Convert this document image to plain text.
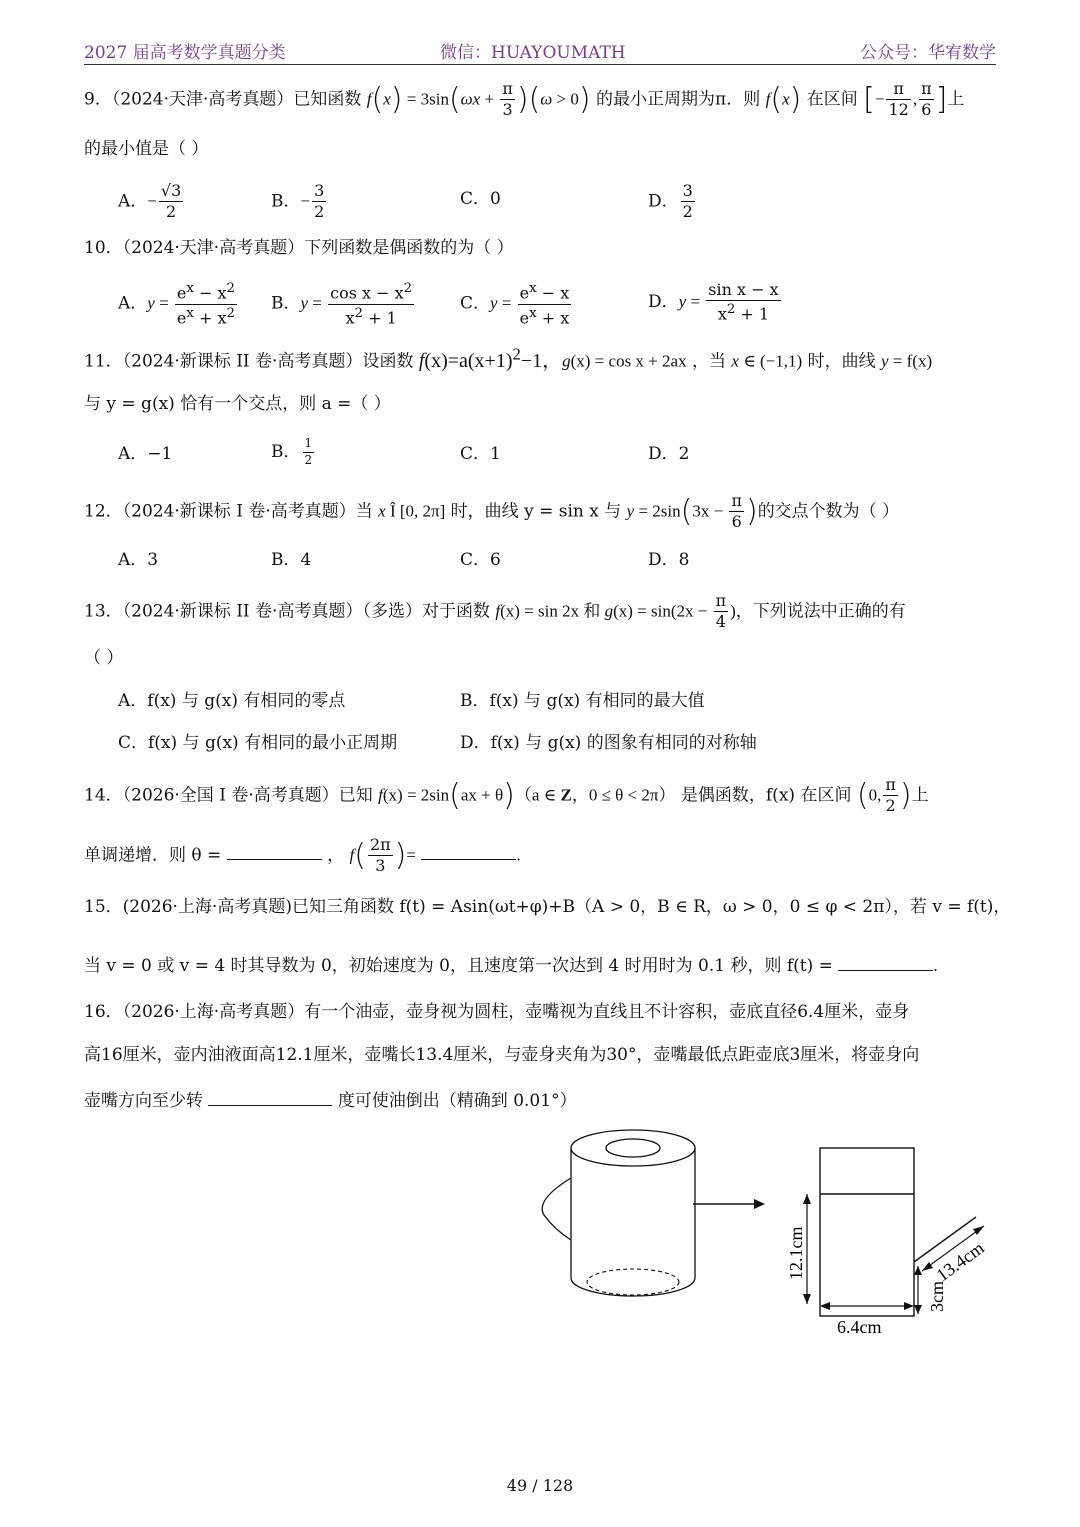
2027 届高考数学真题分类	微信：HUAYOUMATH	公众号：华宥数学
9．（2024·天津·高考真题）已知函数 $f(x) = 3\sin(\omega x + \frac{\pi}{3} )(\omega > 0)$ 的最小正周期为π．则 f(x) 在区间 [− $\frac{\pi}{12}$ , $\frac{\pi}{6}$ ]上
的最小值是（ ）
A．− $\frac{√3}{2}$	B．− $\frac{3}{2}$	C．0	D． $\frac{3}{2}$
10．（2024·天津·高考真题）下列函数是偶函数的为（ ）
A．$y = \frac{e^x - x^2}{e^x + x^2}$ B．$y = \frac{\cos x - x^2}{x^2 + 1}$	C．$y = \frac{e^x - x}{e^x + x}$	D．$y = \frac{\text{sin x − x}}{x^2 + 1}$
11．（2024·新课标 II 卷·高考真题）设函数 $f(x)=a(x+1)^2-1$，g(x) = cos x + 2ax ，当 x ∈ (−1,1) 时，曲线 y = f(x)
与 y = g(x) 恰有一个交点，则 a =（ ）
A．−1	B． $\frac{1}{2}$	C．1	D．2
12．（2024·新课标 I 卷·高考真题）当 x Î [0, 2π] 时，曲线 y = sin x 与 $y = 2\sin(3x - \frac{\pi}{6}$ )的交点个数为（ ）
A．3	B．4	C．6	D．8
13．（2024·新课标 II 卷·高考真题）（多选）对于函数 f(x) = sin 2x 和 $g(x) = \sin(2x - \frac{\pi}{4}$ )，下列说法中正确的有
（ ）
A．f(x) 与 g(x) 有相同的零点	B．f(x) 与 g(x) 有相同的最大值
C．f(x) 与 g(x) 有相同的最小正周期	D．f(x) 与 g(x) 的图象有相同的对称轴
14．（2026·全国 I 卷·高考真题）已知 f(x) = 2sin(ax + θ)（a ∈ Z，0 ≤ θ < 2π） 是偶函数，f(x) 在区间 (0, $\frac{\pi}{2}$ )上
单调递增．则 θ =	， $f( \frac{2\pi}{3}$ )=	.
15．(2026·上海·高考真题)已知三角函数 f(t) = Asin(ωt+φ)+B（A > 0，B ∈ R，ω > 0，0 ≤ φ < 2π），若 v = f(t)，
当 v = 0 或 v = 4 时其导数为 0，初始速度为 0，且速度第一次达到 4 时用时为 0.1 秒，则 f(t) =	.
16．（2026·上海·高考真题）有一个油壶，壶身视为圆柱，壶嘴视为直线且不计容积，壶底直径6.4厘米，壶身
高16厘米，壶内油液面高12.1厘米，壶嘴长13.4厘米，与壶身夹角为30°，壶嘴最低点距壶底3厘米，将壶身向
壶嘴方向至少转	度可使油倒出（精确到 0.01°）
12.1cm
6.4cm
13.4cm
3cm
49 / 128
